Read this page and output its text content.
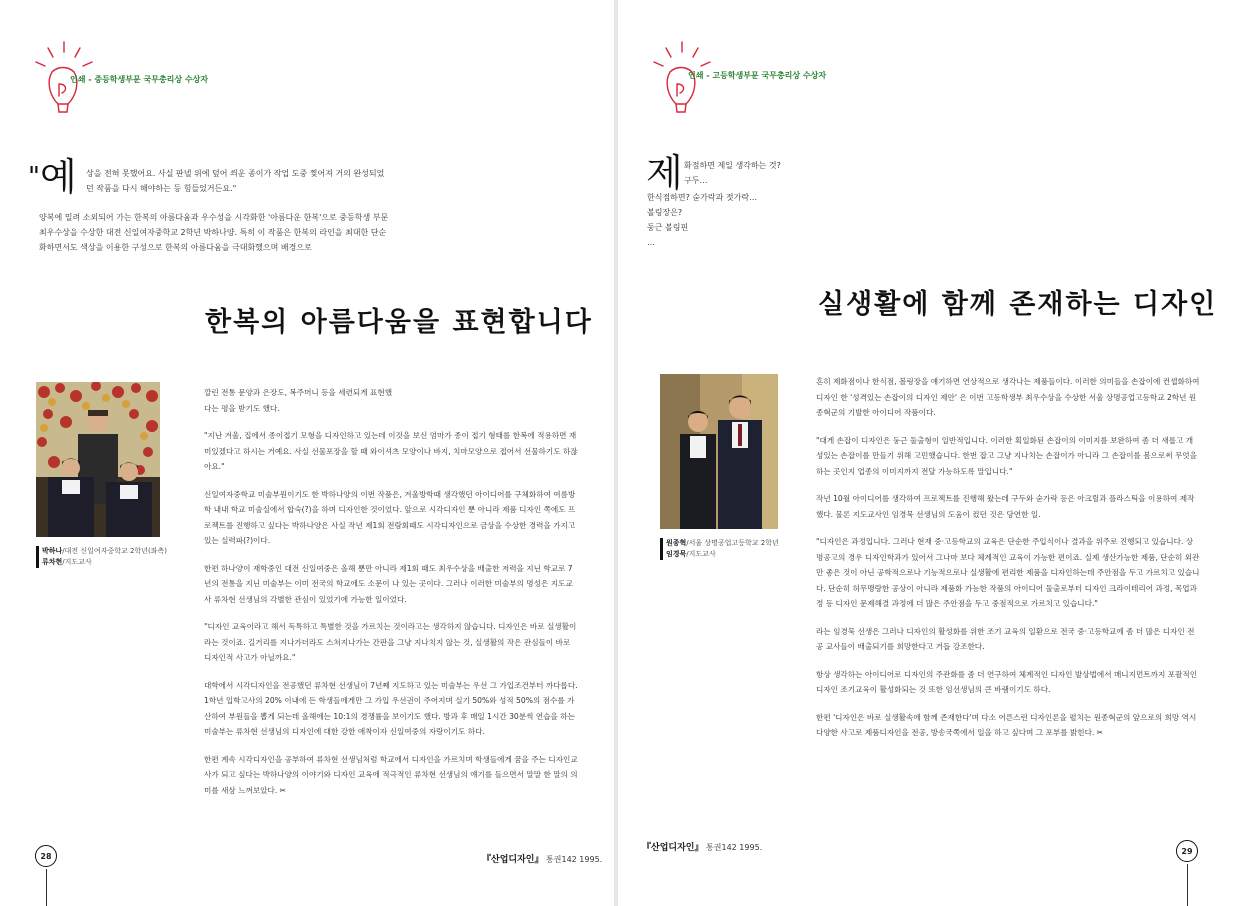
인쇄 - 중등학생부문 국무총리상 수상자
"예 상을 전혀 못했어요. 사실 판넬 위에 덮어 씌운 종이가 작업 도중 찢어져 거의 완성되었
던 작품을 다시 해야하는 등 힘들었거든요."
양복에 밀려 소외되어 가는 한복의 아름다움과 우수성을 시각화한 '아름다운 한복'으로 중등학생 부문 최우수상을 수상한 대전 신일여자중학교 2학년 박하나양. 특히 이 작품은 한복의 라인을 최대한 단순화하면서도 색상을 이용한 구성으로 한복의 아름다움을 극대화했으며 배경으로
한복의 아름다움을 표현합니다
박하나/대전 신일여자중학교 2학년(좌측)
류차현/지도교사

깔린 전통 문양과 은장도, 복주머니 등을 세련되게 표현했다는 평을 받기도 했다.

"지난 겨울, 집에서 종이접기 모형을 디자인하고 있는데 이것을 보신 엄마가 종이 접기 형태를 한복에 적용하면 재미있겠다고 하시는 거예요. 사실 선물포장을 할 때 와이셔츠 모양이나 바지, 치마모양으로 접어서 선물하기도 하잖아요."

신일여자중학교 미술부원이기도 한 박하나양의 이번 작품은, 겨울방학때 생각했던 아이디어를 구체화하여 여름방학 내내 학교 미술실에서 합숙(?)을 하며 디자인한 것이었다. 앞으로 시각디자인 뿐 아니라 제품 디자인 쪽에도 프로젝트를 진행하고 싶다는 박하나양은 사실 작년 제1회 전람회때도 시각디자인으로 금상을 수상한 경력을 가지고 있는 실력파(?)이다.

한편 하나양이 재학중인 대전 신일여중은 올해 뿐만 아니라 제1회 때도 최우수상을 배출한 저력을 지닌 학교로 7년의 전통을 지닌 미술부는 이미 전국의 학교에도 소문이 나 있는 곳이다. 그러나 이러한 미술부의 명성은 지도교사 류차현 선생님의 각별한 관심이 있었기에 가능한 일이었다.

"디자인 교육이라고 해서 독특하고 특별한 것을 가르치는 것이라고는 생각하지 않습니다. 디자인은 바로 실생활이라는 것이죠. 길거리를 지나가더라도 스쳐지나가는 간판을 그냥 지나치지 않는 것, 실생활의 작은 관심들이 바로 디자인적 사고가 아닐까요."

대학에서 시각디자인을 전공했던 류차현 선생님이 7년째 지도하고 있는 미술부는 우선 그 가입조건부터 까다롭다. 1학년 입학고사의 20% 이내에 든 학생들에게만 그 가입 우선권이 주어지며 실기 50%와 성적 50%의 점수를 가산하여 부원들을 뽑게 되는데 올해에는 10:1의 경쟁률을 보이기도 했다. 방과 후 매일 1시간 30분씩 연습을 하는 미술부는 류차현 선생님의 디자인에 대한 강한 애착이자 신일여중의 자랑이기도 하다.

한편 계속 시각디자인을 공부하여 류차현 선생님처럼 학교에서 디자인을 가르치며 학생들에게 꿈을 주는 디자인교사가 되고 싶다는 박하나양의 이야기와 디자인 교육에 적극적인 류차현 선생님의 얘기를 들으면서 말말 한 말의 의미를 새삼 느껴보았다. ✂

『산업디자인』 통권142 1995.
28
인쇄 - 고등학생부문 국무총리상 수상자
제 화점하면 제일 생각하는 것?
구두…
한식점하면? 숟가락과 젓가락…
볼링장은?
둥근 볼링핀
…
실생활에 함께 존재하는 디자인
원종혁/서울 상명공업고등학교 2학년
임경묵/지도교사

흔히 제화점이나 한식점, 볼링장을 얘기하면 연상적으로 생각나는 제품들이다. 이러한 의미들을 손잡이에 컨셉화하여 디자인 한 '성격있는 손잡이의 디자인 제안' 은 이번 고등학생부 최우수상을 수상한 서울 상명공업고등학교 2학년 원종혁군의 기발한 아이디어 작품이다.

"대게 손잡이 디자인은 둥근 둘출형이 일반적입니다. 이러한 획일화된 손잡이의 이미지를 보완하여 좀 더 새롭고 개성있는 손잡이를 만들기 위해 고민했습니다. 한번 잡고 그냥 지나치는 손잡이가 아니라 그 손잡이를 봄으로써 무엇을 하는 곳인지 업종의 이미지까지 전달 가능하도록 말입니다."

작년 10월 아이디어를 생각하여 프로젝트를 진행해 왔는데 구두와 숟가락 등은 아크릴과 플라스틱을 이용하여 제작했다. 물론 지도교사인 임경묵 선생님의 도움이 컸던 것은 당연한 일.

"디자인은 과정입니다. 그러나 현재 중·고등학교의 교육은 단순한 주입식이나 결과을 위주로 진행되고 있습니다. 상명공고의 경우 디자인학과가 있어서 그나마 보다 체계적인 교육이 가능한 편이죠. 실제 생산가능한 제품, 단순히 외관만 좋은 것이 아닌 공학적으로나 기능적으로나 실생활에 편리한 제품을 디자인하는데 주안점을 두고 가르치고 있습니다. 단순히 허무맹랑한 공상이 아니라 제품화 가능한 작품의 아이디어 둘출로부터 디자인 크라이테리어 과정, 목업과정 등 디자인 문제해결 과정에 더 많은 주안점을 두고 중점적으로 가르치고 있습니다."

라는 임경묵 선생은 그러나 디자인의 활성화를 위한 조기 교육의 일환으로 전국 중·고등학교에 좀 더 많은 디자인 전공 교사들이 배출되기를 희망한다고 거듭 강조한다.

항상 생각하는 아이디어로 디자인의 주관화를 좀 더 연구하여 체계적인 디자인 발상법에서 매니지먼트까지 포괄적인 디자인 조기교육이 활성화되는 것 또한 임선생님의 큰 바램이기도 하다.

한편 '디자인은 바로 실생활속에 함께 존재한다'며 다소 어른스런 디자인론을 펼치는 원종혁군의 앞으로의 희망 역시 다양한 사고로 제품디자인을 전공, 방송국쪽에서 일을 하고 싶다며 그 포부를 밝힌다. ✂

『산업디자인』 통권142 1995.	29
